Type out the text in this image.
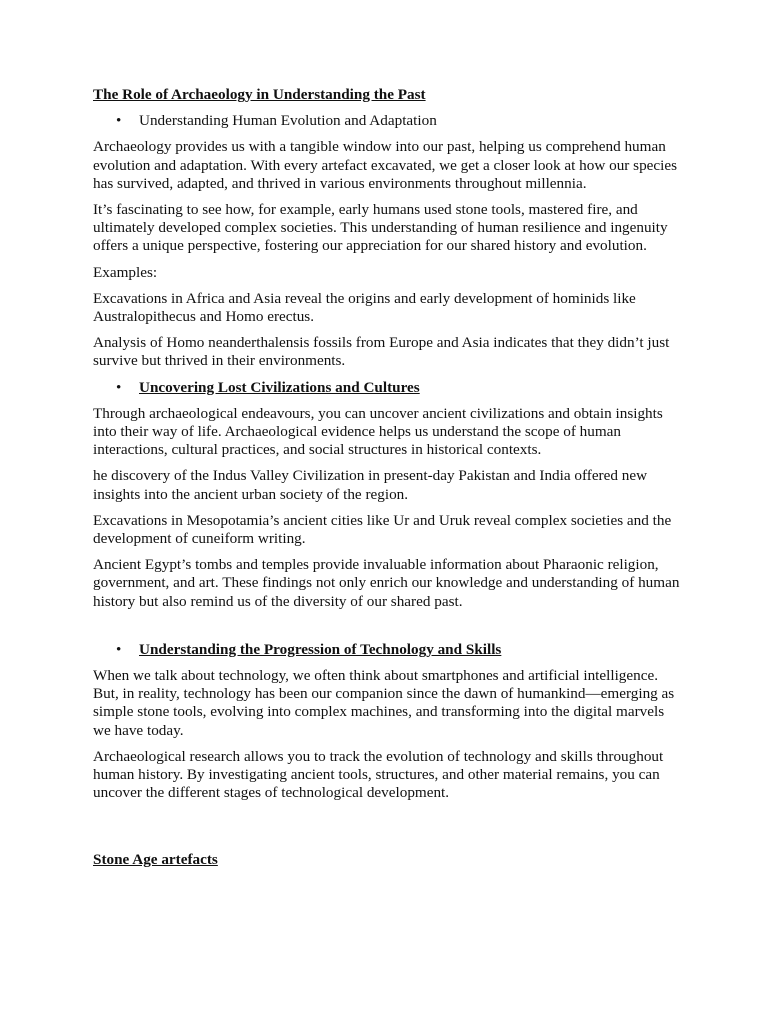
The Role of Archaeology in Understanding the Past
• Understanding Human Evolution and Adaptation

Archaeology provides us with a tangible window into our past, helping us comprehend human evolution and adaptation. With every artefact excavated, we get a closer look at how our species has survived, adapted, and thrived in various environments throughout millennia.

It’s fascinating to see how, for example, early humans used stone tools, mastered fire, and ultimately developed complex societies. This understanding of human resilience and ingenuity offers a unique perspective, fostering our appreciation for our shared history and evolution.

Examples:

Excavations in Africa and Asia reveal the origins and early development of hominids like Australopithecus and Homo erectus.

Analysis of Homo neanderthalensis fossils from Europe and Asia indicates that they didn’t just survive but thrived in their environments.

• Uncovering Lost Civilizations and Cultures

Through archaeological endeavours, you can uncover ancient civilizations and obtain insights into their way of life. Archaeological evidence helps us understand the scope of human interactions, cultural practices, and social structures in historical contexts.

he discovery of the Indus Valley Civilization in present-day Pakistan and India offered new insights into the ancient urban society of the region.

Excavations in Mesopotamia’s ancient cities like Ur and Uruk reveal complex societies and the development of cuneiform writing.

Ancient Egypt’s tombs and temples provide invaluable information about Pharaonic religion, government, and art. These findings not only enrich our knowledge and understanding of human history but also remind us of the diversity of our shared past.

• Understanding the Progression of Technology and Skills

When we talk about technology, we often think about smartphones and artificial intelligence. But, in reality, technology has been our companion since the dawn of humankind—emerging as simple stone tools, evolving into complex machines, and transforming into the digital marvels we have today.

Archaeological research allows you to track the evolution of technology and skills throughout human history. By investigating ancient tools, structures, and other material remains, you can uncover the different stages of technological development.

Stone Age artefacts
